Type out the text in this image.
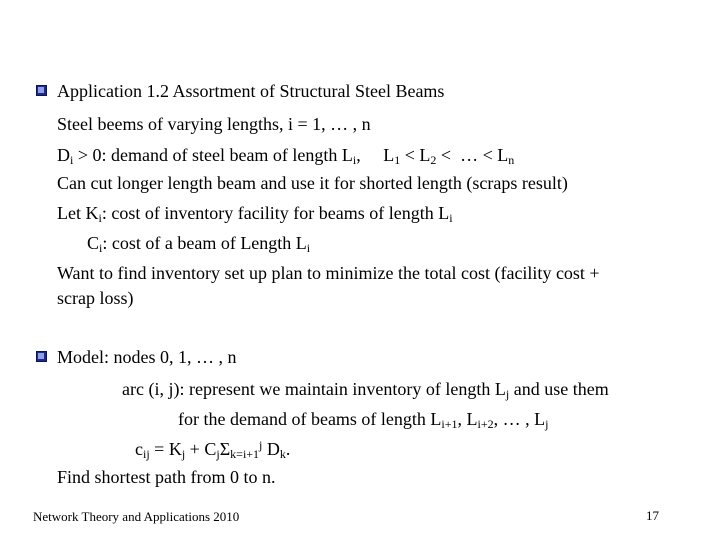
Application 1.2 Assortment of Structural Steel Beams
Steel beems of varying lengths, i = 1, … , n
$D_i > 0$: demand of steel beam of length $L_i$,     $L_1 < L_2$ <  … < $L_n$
Can cut longer length beam and use it for shorted length (scraps result)
Let $K_i$: cost of inventory facility for beams of length $L_i$
$C_i$: cost of a beam of Length $L_i$
Want to find inventory set up plan to minimize the total cost (facility cost +
scrap loss)
Model: nodes 0, 1, … , n
arc (i, j): represent we maintain inventory of length $L_j$ and use them
for the demand of beams of length $L_{i+1}$, $L_{i+2}$, … , $L_j$
$c_{ij} = K_j + C_j\Sigma_{k=i+1}^j$ $D_k$.
Find shortest path from 0 to n.
Network Theory and Applications 2010	17
